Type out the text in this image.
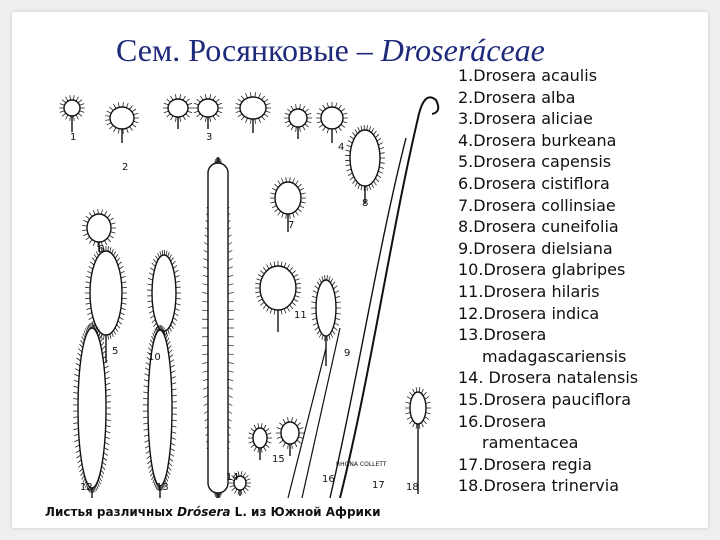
Сем. Росянковые – Droseráceae
1
2
3
4
5
6
7
8
9
10
11
12	13
14
15
16
17 18
RHONA COLLETT
Листья различных Drósera L. из Южной Африки
1.Drosera acaulis
2.Drosera alba
3.Drosera aliciae
4.Drosera burkeana
5.Drosera capensis
6.Drosera cistiflora
7.Drosera collinsiae
8.Drosera cuneifolia
9.Drosera dielsiana
10.Drosera glabripes
11.Drosera hilaris
12.Drosera indica
13.Drosera
madagascariensis
14. Drosera natalensis
15.Drosera pauciflora
16.Drosera
ramentacea
17.Drosera regia
18.Drosera trinervia
